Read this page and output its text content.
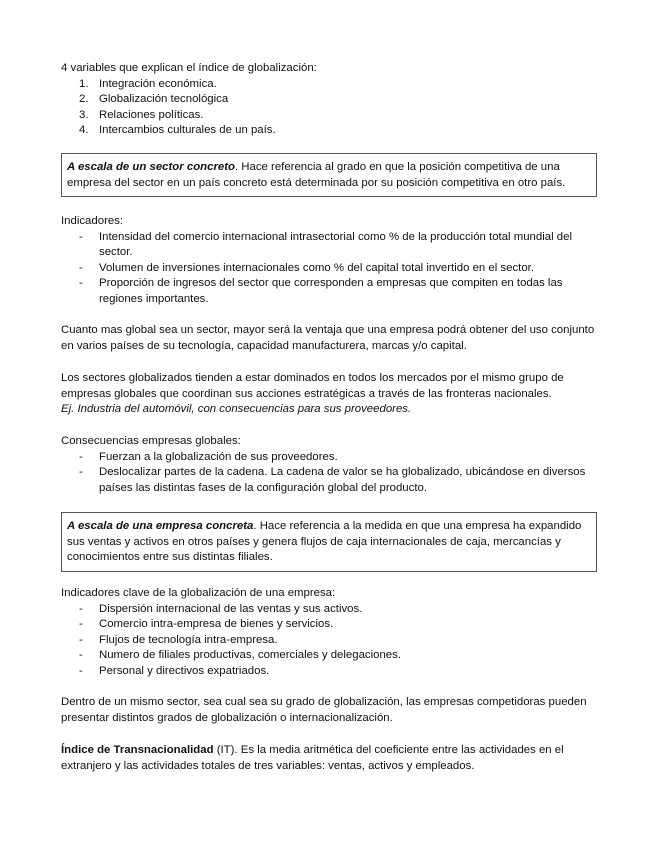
4 variables que explican el índice de globalización:

1. Integración económica.
2. Globalización tecnológica
3. Relaciones políticas.
4. Intercambios culturales de un país.

A escala de un sector concreto. Hace referencia al grado en que la posición competitiva de una empresa del sector en un país concreto está determinada por su posición competitiva en otro país.

Indicadores:

- Intensidad del comercio internacional intrasectorial como % de la producción total mundial del sector.
- Volumen de inversiones internacionales como % del capital total invertido en el sector.
- Proporción de ingresos del sector que corresponden a empresas que compiten en todas las regiones importantes.

Cuanto mas global sea un sector, mayor será la ventaja que una empresa podrá obtener del uso conjunto en varios países de su tecnología, capacidad manufacturera, marcas y/o capital.

Los sectores globalizados tienden a estar dominados en todos los mercados por el mismo grupo de empresas globales que coordinan sus acciones estratégicas a través de las fronteras nacionales.

Ej. Industria del automóvil, con consecuencias para sus proveedores.

Consecuencias empresas globales:

- Fuerzan a la globalización de sus proveedores.
- Deslocalizar partes de la cadena. La cadena de valor se ha globalizado, ubicándose en diversos países las distintas fases de la configuración global del producto.

A escala de una empresa concreta. Hace referencia a la medida en que una empresa ha expandido sus ventas y activos en otros países y genera flujos de caja internacionales de caja, mercancías y conocimientos entre sus distintas filiales.

Indicadores clave de la globalización de una empresa:

- Dispersión internacional de las ventas y sus activos.
- Comercio intra-empresa de bienes y servicios.
- Flujos de tecnología intra-empresa.
- Numero de filiales productivas, comerciales y delegaciones.
- Personal y directivos expatriados.

Dentro de un mismo sector, sea cual sea su grado de globalización, las empresas competidoras pueden presentar distintos grados de globalización o internacionalización.

Índice de Transnacionalidad (IT). Es la media aritmética del coeficiente entre las actividades en el extranjero y las actividades totales de tres variables: ventas, activos y empleados.
